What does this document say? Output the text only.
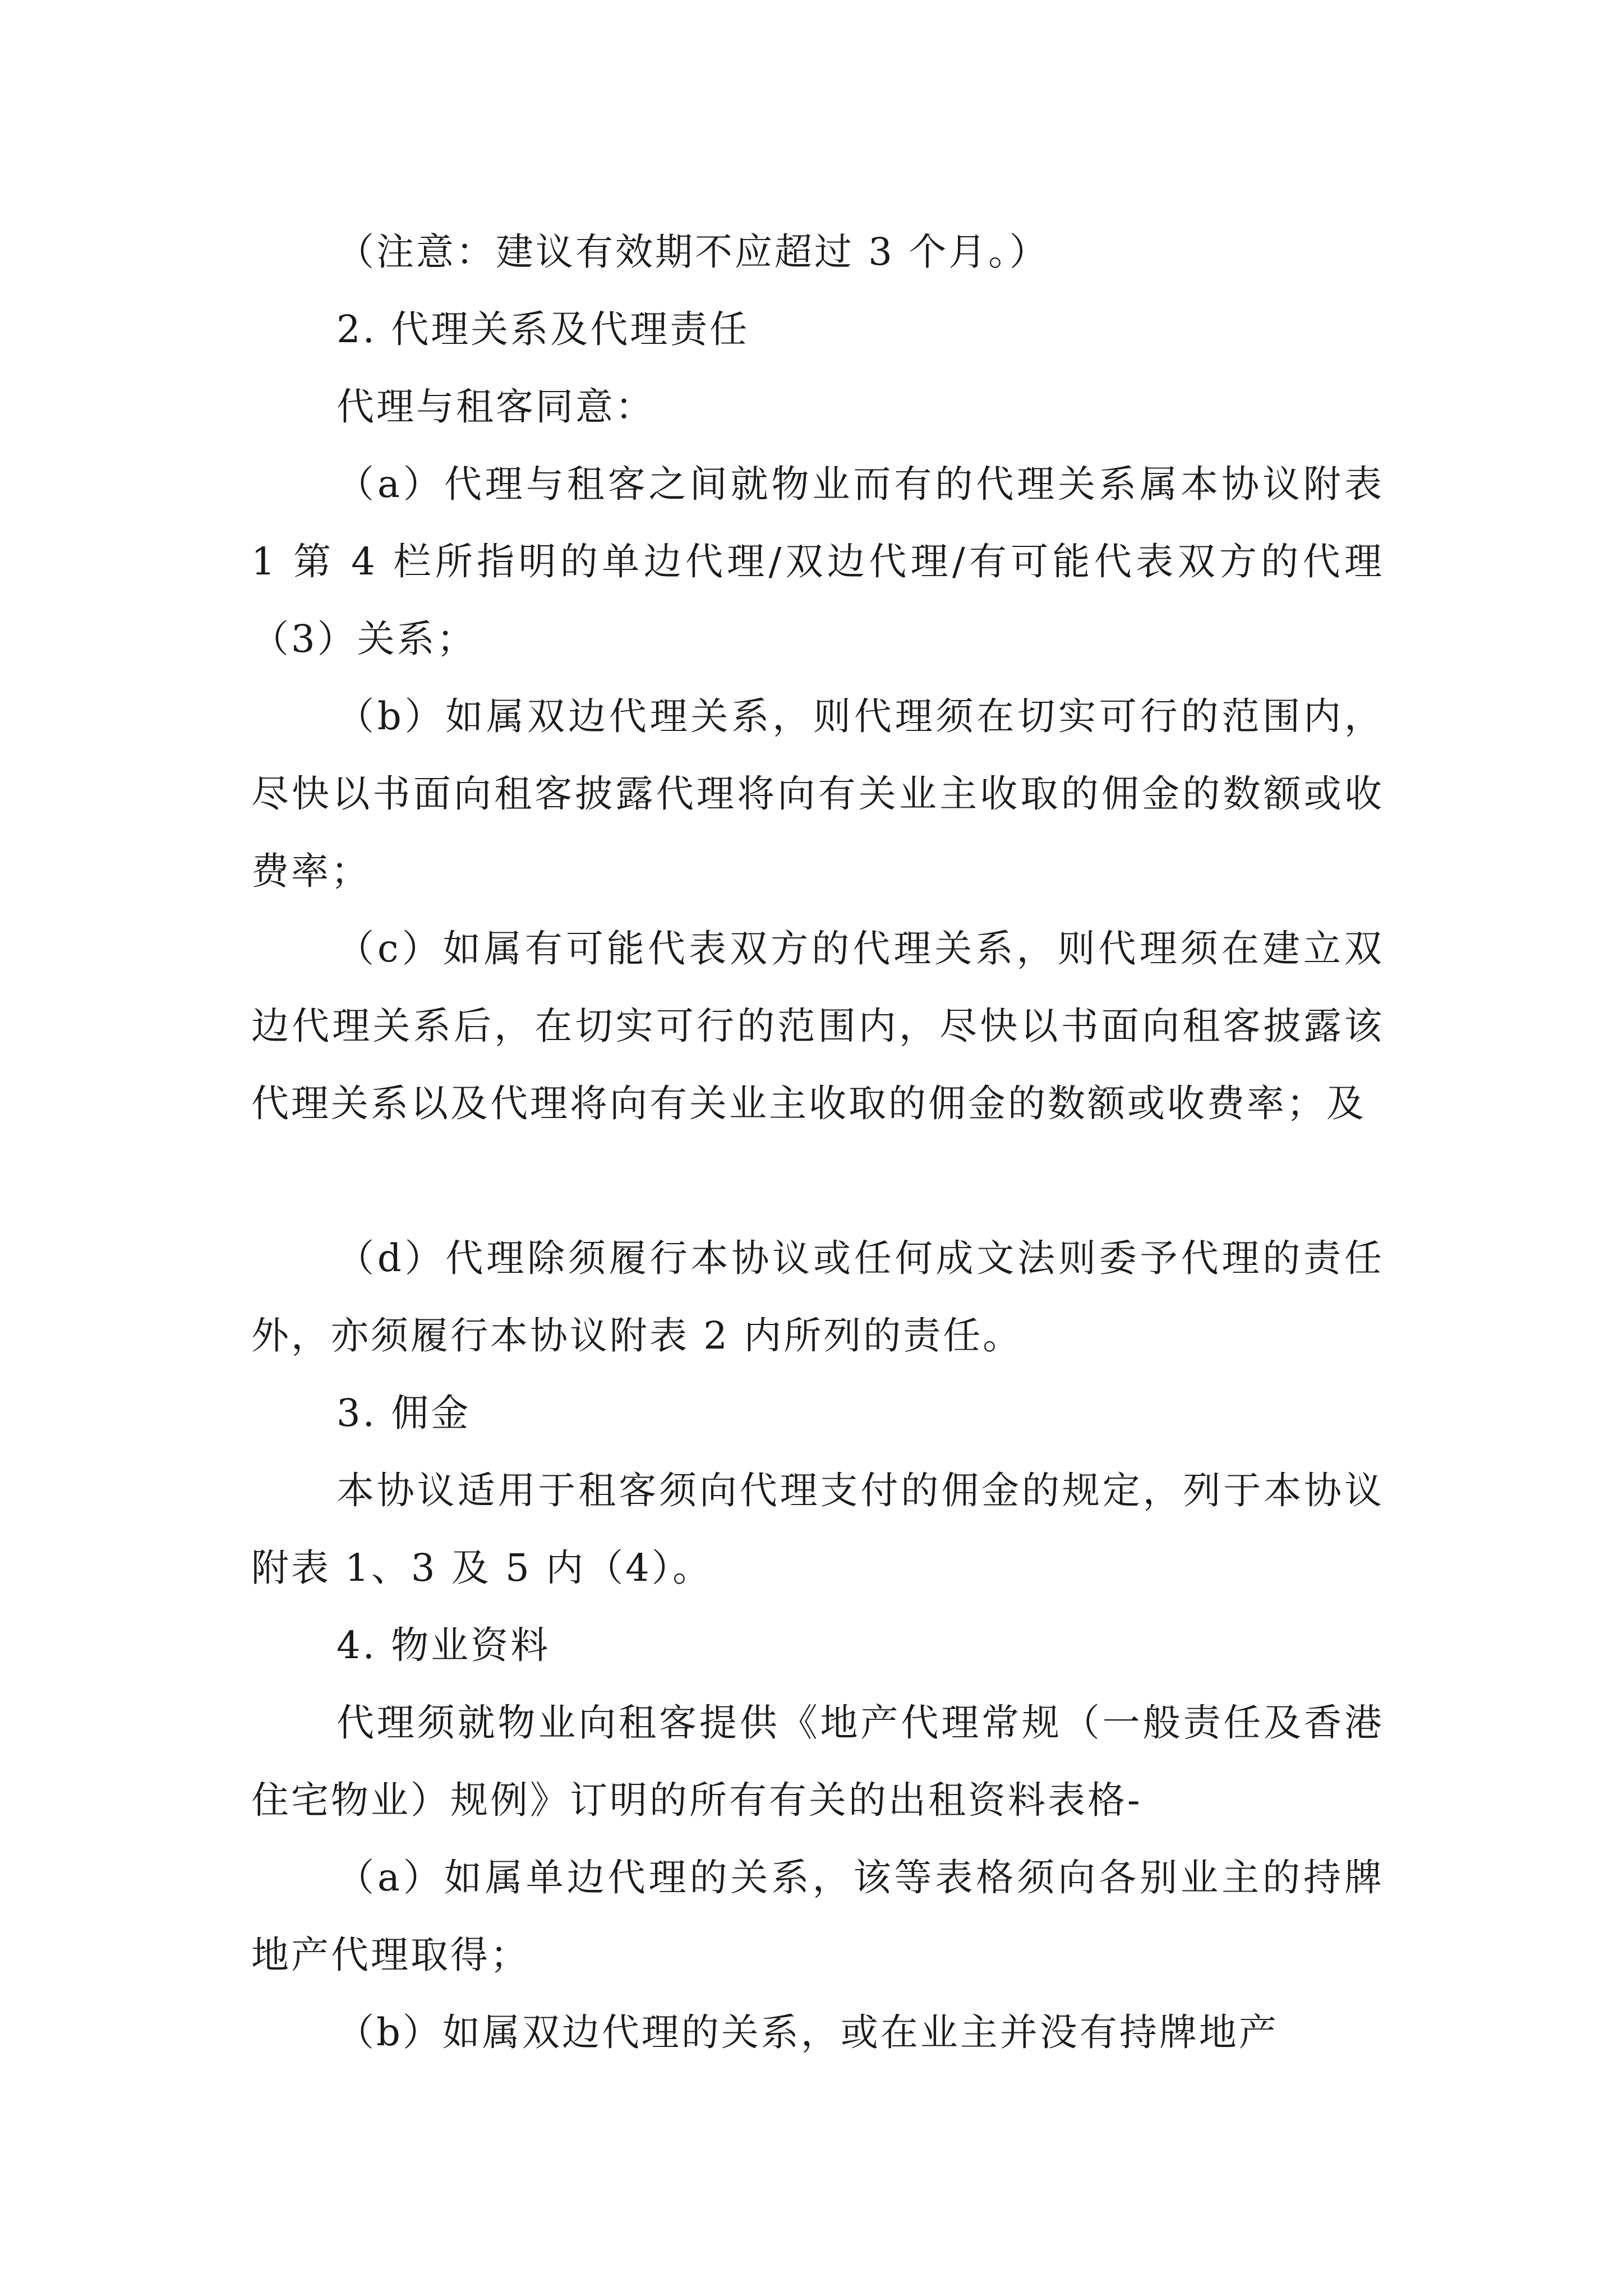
（注意：建议有效期不应超过 3 个月。）

2. 代理关系及代理责任

代理与租客同意：

（a）代理与租客之间就物业而有的代理关系属本协议附表 1 第 4 栏所指明的单边代理/双边代理/有可能代表双方的代理（3）关系；

（b）如属双边代理关系，则代理须在切实可行的范围内，尽快以书面向租客披露代理将向有关业主收取的佣金的数额或收费率；

（c）如属有可能代表双方的代理关系，则代理须在建立双边代理关系后，在切实可行的范围内，尽快以书面向租客披露该代理关系以及代理将向有关业主收取的佣金的数额或收费率；及

（d）代理除须履行本协议或任何成文法则委予代理的责任外，亦须履行本协议附表 2 内所列的责任。

3. 佣金

本协议适用于租客须向代理支付的佣金的规定，列于本协议附表 1、3 及 5 内（4）。

4. 物业资料

代理须就物业向租客提供《地产代理常规（一般责任及香港住宅物业）规例》订明的所有有关的出租资料表格-

（a）如属单边代理的关系，该等表格须向各别业主的持牌地产代理取得；

（b）如属双边代理的关系，或在业主并没有持牌地产
